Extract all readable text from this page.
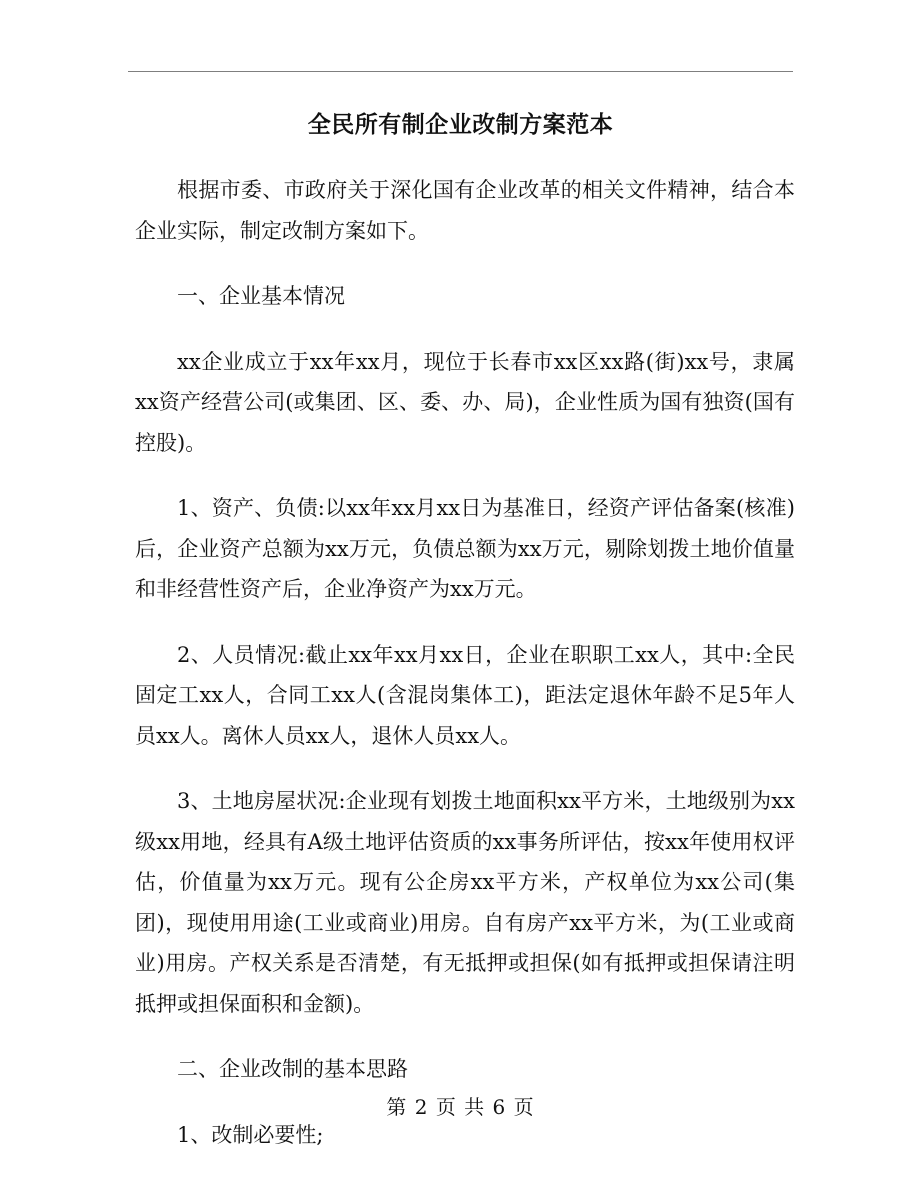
全民所有制企业改制方案范本

根据市委、市政府关于深化国有企业改革的相关文件精神，结合本企业实际，制定改制方案如下。

一、企业基本情况

xx企业成立于xx年xx月，现位于长春市xx区xx路(街)xx号，隶属xx资产经营公司(或集团、区、委、办、局)，企业性质为国有独资(国有控股)。

1、资产、负债:以xx年xx月xx日为基准日，经资产评估备案(核准)后，企业资产总额为xx万元，负债总额为xx万元，剔除划拨土地价值量和非经营性资产后，企业净资产为xx万元。

2、人员情况:截止xx年xx月xx日，企业在职职工xx人，其中:全民固定工xx人，合同工xx人(含混岗集体工)，距法定退休年龄不足5年人员xx人。离休人员xx人，退休人员xx人。

3、土地房屋状况:企业现有划拨土地面积xx平方米，土地级别为xx级xx用地，经具有A级土地评估资质的xx事务所评估，按xx年使用权评估，价值量为xx万元。现有公企房xx平方米，产权单位为xx公司(集团)，现使用用途(工业或商业)用房。自有房产xx平方米，为(工业或商业)用房。产权关系是否清楚，有无抵押或担保(如有抵押或担保请注明抵押或担保面积和金额)。

二、企业改制的基本思路

1、改制必要性;

第 2 页 共 6 页
